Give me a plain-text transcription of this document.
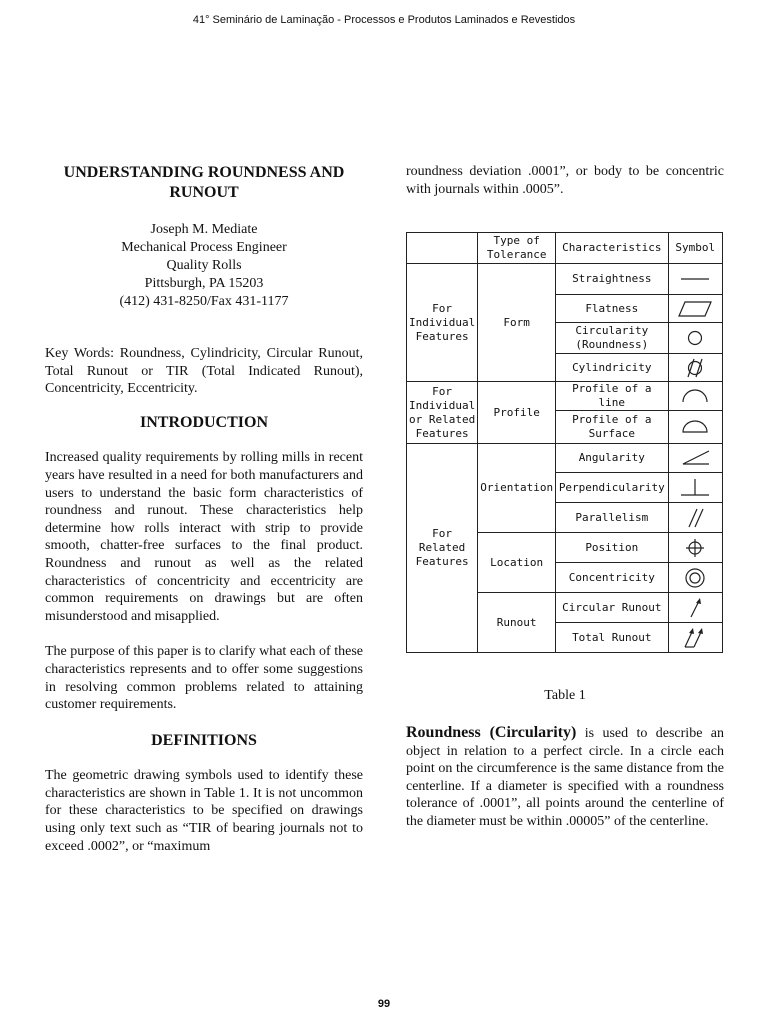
41° Seminário de Laminação - Processos e Produtos Laminados e Revestidos
UNDERSTANDING ROUNDNESS AND RUNOUT
Joseph M. Mediate
Mechanical Process Engineer
Quality Rolls
Pittsburgh, PA 15203
(412) 431-8250/Fax 431-1177

Key Words: Roundness, Cylindricity, Circular Runout, Total Runout or TIR (Total Indicated Runout), Concentricity, Eccentricity.

INTRODUCTION

Increased quality requirements by rolling mills in recent years have resulted in a need for both manufacturers and users to understand the basic form characteristics of roundness and runout. These characteristics help determine how rolls interact with strip to provide smooth, chatter-free surfaces to the final product. Roundness and runout as well as the related characteristics of concentricity and eccentricity are common requirements on drawings but are often misunderstood and misapplied.

The purpose of this paper is to clarify what each of these characteristics represents and to offer some suggestions in resolving common problems related to attaining customer requirements.

DEFINITIONS

The geometric drawing symbols used to identify these characteristics are shown in Table 1. It is not uncommon for these characteristics to be specified on drawings using only text such as “TIR of bearing journals not to exceed .0002”, or “maximum

roundness deviation .0001”, or body to be concentric with journals within .0005”.

	Type of Tolerance	Characteristics	Symbol
For Individual Features	Form	Straightness	

		Flatness	

		Circularity (Roundness)	

		Cylindricity	

For Individual or Related Features	Profile	Profile of a line	

		Profile of a Surface	

For Related Features	Orientation	Angularity	

		Perpendicularity	

		Parallelism	

	Location	Position	

		Concentricity	

	Runout	Circular Runout	

		Total Runout	
Table 1

Roundness (Circularity) is used to describe an object in relation to a perfect circle. In a circle each point on the circumference is the same distance from the centerline. If a diameter is specified with a roundness tolerance of .0001”, all points around the centerline of the diameter must be within .00005” of the centerline.

99
